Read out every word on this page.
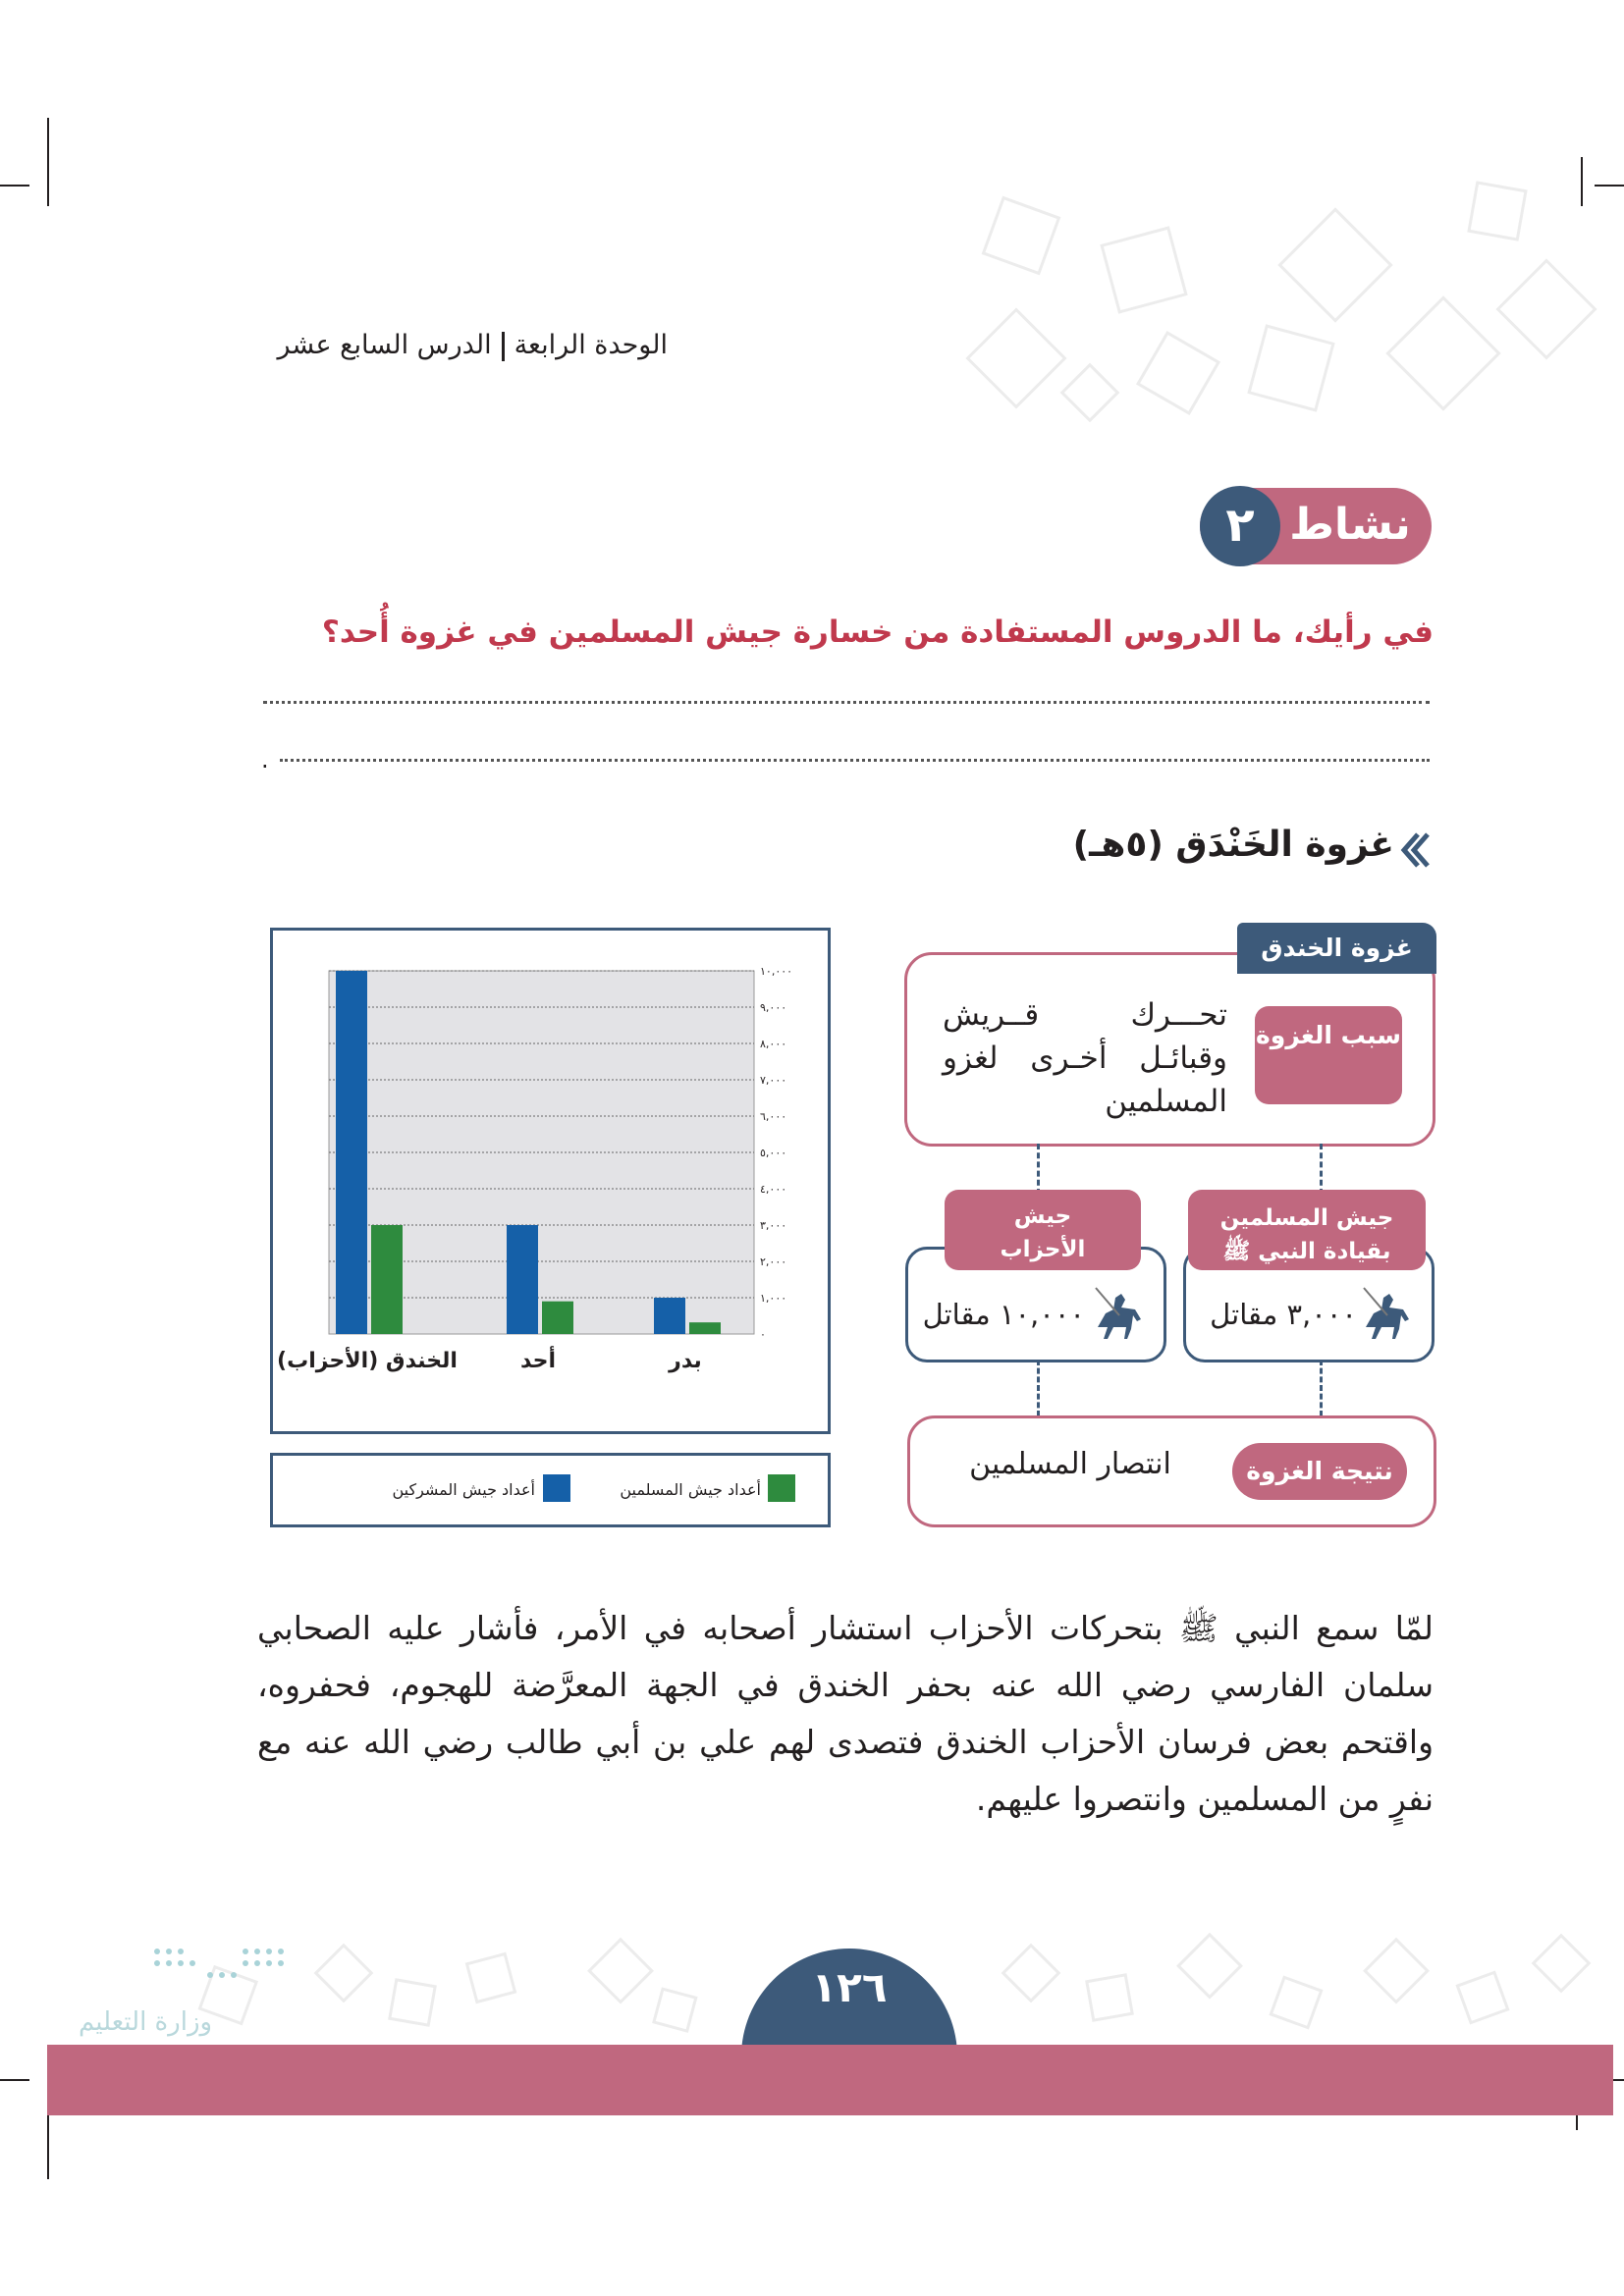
الوحدة الرابعةالدرس السابع عشر
نشاط
٢
في رأيك، ما الدروس المستفادة من خسارة جيش المسلمين في غزوة أُحد؟
.
غزوة الخَنْدَق (٥هـ)
غزوة الخندق
سبب الغزوة
تحـــرك قــريش وقبائـل أخـرى لغزو المسلمين
جيش المسلمين بقيادة النبي ﷺ
٣,٠٠٠ مقاتل
جيش الأحزاب
١٠,٠٠٠ مقاتل
نتيجة الغزوة
انتصار المسلمين
٠
١,٠٠٠
٢,٠٠٠
٣,٠٠٠
٤,٠٠٠
٥,٠٠٠
٦,٠٠٠
٧,٠٠٠
٨,٠٠٠
٩,٠٠٠
١٠,٠٠٠
الخندق (الأحزاب)	أحد	بدر
أعداد جيش المشركين	أعداد جيش المسلمين
لمّا سمع النبي ﷺ بتحركات الأحزاب استشار أصحابه في الأمر، فأشار عليه الصحابي سلمان الفارسي رضي الله عنه بحفر الخندق في الجهة المعرَّضة للهجوم، فحفروه، واقتحم بعض فرسان الأحزاب الخندق فتصدى لهم علي بن أبي طالب رضي الله عنه مع نفرٍ من المسلمين وانتصروا عليهم.
١٢٦
وزارة التعليم
